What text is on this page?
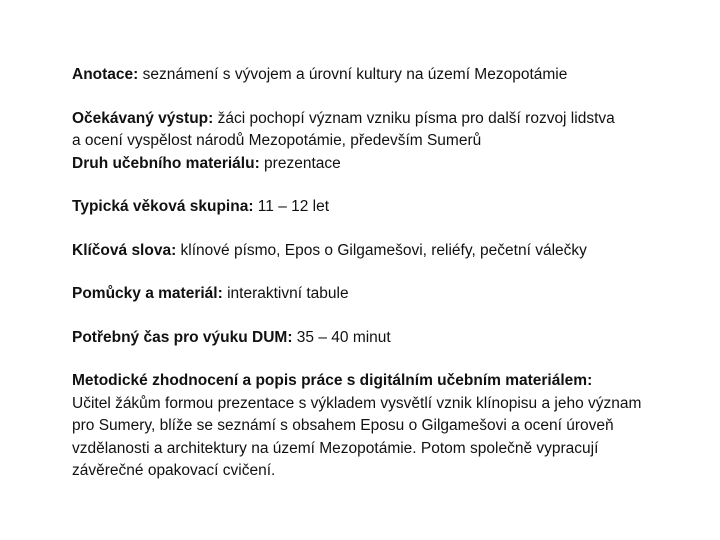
Anotace: seznámení s vývojem a úrovní kultury na území Mezopotámie

Očekávaný výstup: žáci pochopí význam vzniku písma pro další rozvoj lidstva

a ocení vyspělost národů Mezopotámie, především Sumerů

Druh učebního materiálu: prezentace

Typická věková skupina: 11 – 12 let

Klíčová slova: klínové písmo, Epos o Gilgamešovi, reliéfy, pečetní válečky

Pomůcky a materiál: interaktivní tabule

Potřebný čas pro výuku DUM: 35 – 40 minut

Metodické zhodnocení a popis práce s digitálním učebním materiálem:

Učitel žákům formou prezentace s výkladem vysvětlí vznik klínopisu a jeho význam pro Sumery, blíže se seznámí s obsahem Eposu o Gilgamešovi a ocení úroveň vzdělanosti a architektury na území Mezopotámie. Potom společně vypracují závěrečné opakovací cvičení.
